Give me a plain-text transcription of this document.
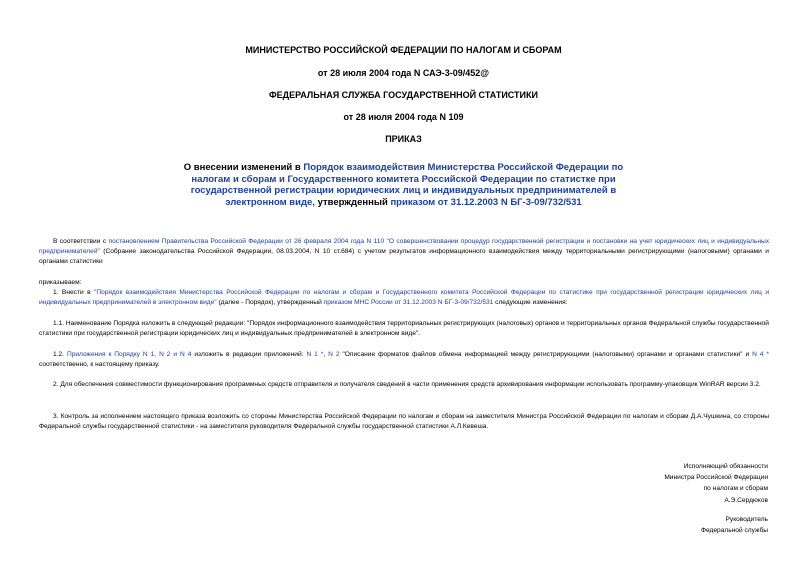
МИНИСТЕРСТВО РОССИЙСКОЙ ФЕДЕРАЦИИ ПО НАЛОГАМ И СБОРАМ
от 28 июля 2004 года N САЭ-3-09/452@
ФЕДЕРАЛЬНАЯ СЛУЖБА ГОСУДАРСТВЕННОЙ СТАТИСТИКИ
от 28 июля 2004 года N 109
ПРИКАЗ
О внесении изменений в Порядок взаимодействия Министерства Российской Федерации по налогам и сборам и Государственного комитета Российской Федерации по статистке при государственной регистрации юридических лиц и индивидуальных предпринимателей в электронном виде, утвержденный приказом от 31.12.2003 N БГ-3-09/732/531
В соответствии с постановлением Правительства Российской Федерации от 26 февраля 2004 года N 110 "О совершенствовании процедур государственной регистрации и постановки на учет юридических лиц и индивидуальных предпринимателей" (Собрание законодательства Российской Федерации, 08.03.2004, N 10 ст.684) с учетом результатов информационного взаимодействия между территориальными регистрирующими (налоговыми) органами и органами статистики
приказываем:
1. Внести в "Порядок взаимодействия Министерства Российской Федерации по налогам и сборам и Государственного комитета Российской Федерации по статистике при государственной регистрации юридических лиц и индивидуальных предпринимателей в электронном виде" (далее - Порядок), утвержденный приказом МНС России от 31.12.2003 N БГ-3-09/732/531 следующие изменения:
1.1. Наименование Порядка изложить в следующей редакции: "Порядок информационного взаимодействия территориальных регистрирующих (налоговых) органов и территориальных органов Федеральной службы государственной статистики при государственной регистрации юридических лиц и индивидуальных предпринимателей в электронном виде".
1.2. Приложения к Порядку N 1, N 2 и N 4 изложить в редакции приложений: N 1 *, N 2 "Описание форматов файлов обмена информацией между регистрирующими (налоговыми) органами и органами статистики" и N 4 * соответственно, к настоящему приказу.
2. Для обеспечения совместимости функционирования программных средств отправителя и получателя сведений в части применения средств архивирования информации использовать программу-упаковщик WinRAR версии 3.2.
3. Контроль за исполнением настоящего приказа возложить со стороны Министерства Российской Федерации по налогам и сборам на заместителя Министра Российской Федерации по налогам и сборам Д.А.Чушкина, со стороны Федеральной службы государственной статистики - на заместителя руководителя Федеральной службы государственной статистики А.Л.Кевеша.
Исполняющий обязанности
Министра Российской Федерации
по налогам и сборам
А.Э.Сердюков
Руководитель
Федеральной службы
